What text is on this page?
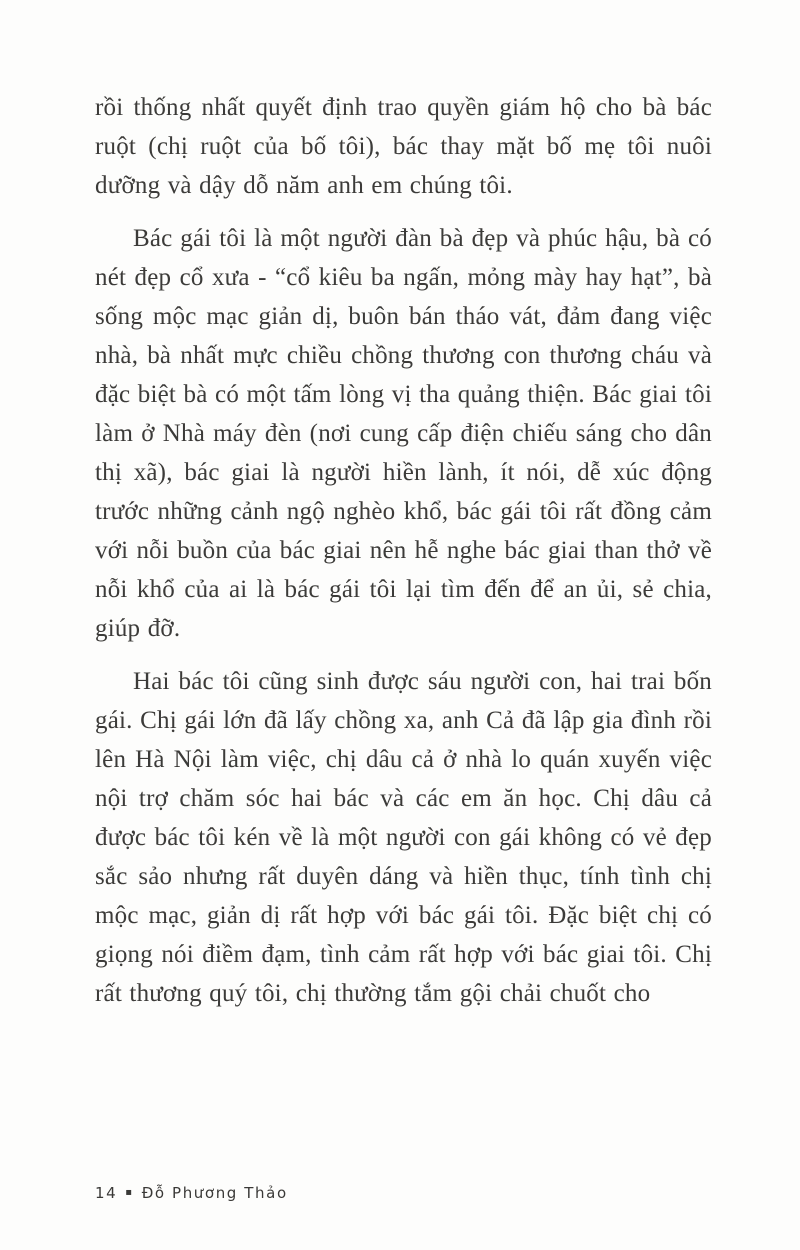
rồi thống nhất quyết định trao quyền giám hộ cho bà bác ruột (chị ruột của bố tôi), bác thay mặt bố mẹ tôi nuôi dưỡng và dậy dỗ năm anh em chúng tôi.

Bác gái tôi là một người đàn bà đẹp và phúc hậu, bà có nét đẹp cổ xưa - “cổ kiêu ba ngấn, mỏng mày hay hạt”, bà sống mộc mạc giản dị, buôn bán tháo vát, đảm đang việc nhà, bà nhất mực chiều chồng thương con thương cháu và đặc biệt bà có một tấm lòng vị tha quảng thiện. Bác giai tôi làm ở Nhà máy đèn (nơi cung cấp điện chiếu sáng cho dân thị xã), bác giai là người hiền lành, ít nói, dễ xúc động trước những cảnh ngộ nghèo khổ, bác gái tôi rất đồng cảm với nỗi buồn của bác giai nên hễ nghe bác giai than thở về nỗi khổ của ai là bác gái tôi lại tìm đến để an ủi, sẻ chia, giúp đỡ.

Hai bác tôi cũng sinh được sáu người con, hai trai bốn gái. Chị gái lớn đã lấy chồng xa, anh Cả đã lập gia đình rồi lên Hà Nội làm việc, chị dâu cả ở nhà lo quán xuyến việc nội trợ chăm sóc hai bác và các em ăn học. Chị dâu cả được bác tôi kén về là một người con gái không có vẻ đẹp sắc sảo nhưng rất duyên dáng và hiền thục, tính tình chị mộc mạc, giản dị rất hợp với bác gái tôi. Đặc biệt chị có giọng nói điềm đạm, tình cảm rất hợp với bác giai tôi. Chị rất thương quý tôi, chị thường tắm gội chải chuốt cho

14 ▪ Đỗ Phương Thảo
